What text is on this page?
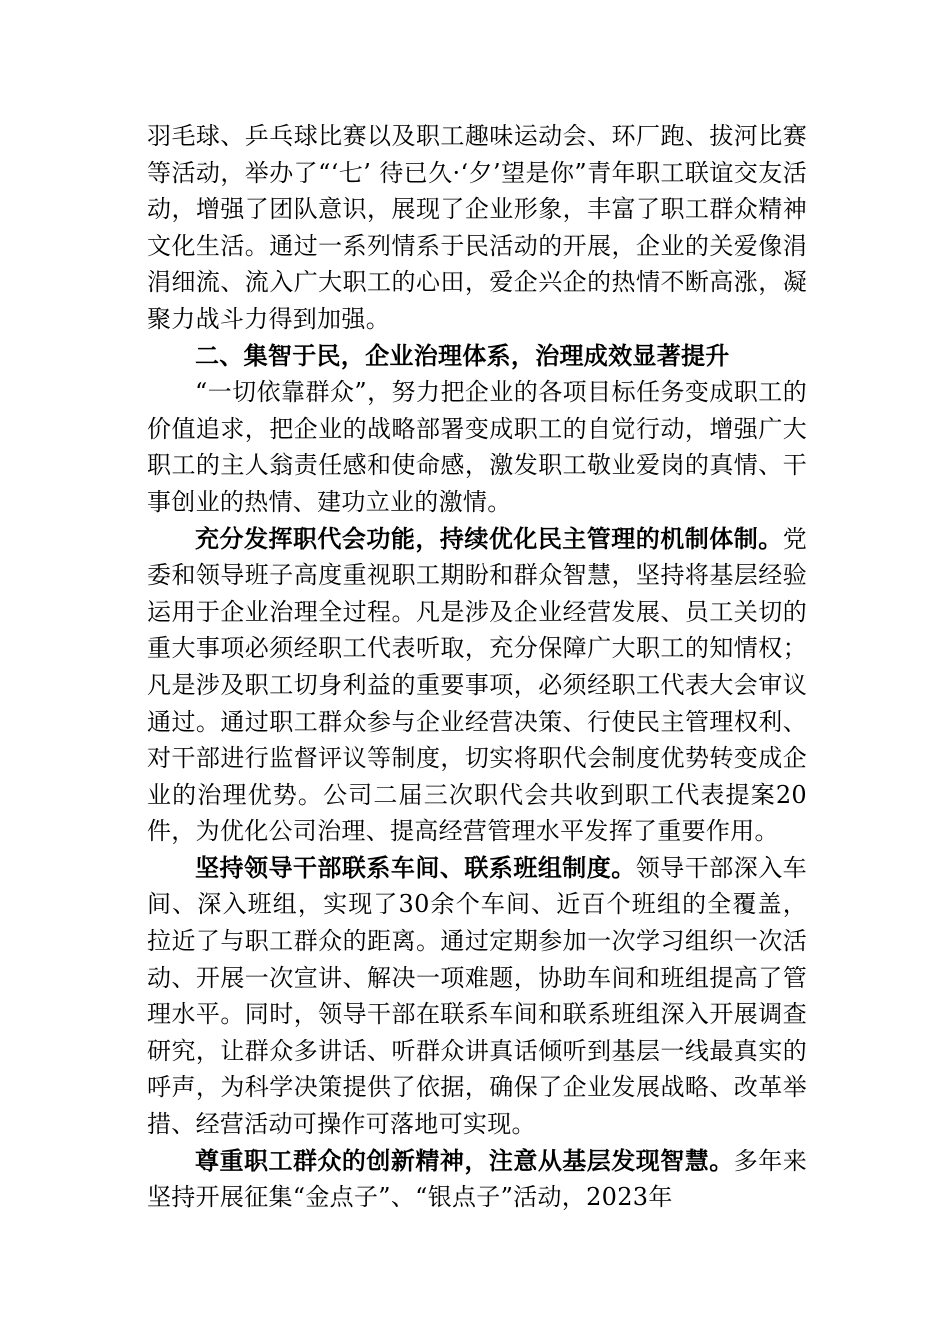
羽毛球、乒乓球比赛以及职工趣味运动会、环厂跑、拔河比赛等活动，举办了“‘七’ 待已久·‘夕’望是你”青年职工联谊交友活动，增强了团队意识，展现了企业形象，丰富了职工群众精神文化生活。通过一系列情系于民活动的开展，企业的关爱像涓涓细流、流入广大职工的心田，爱企兴企的热情不断高涨，凝聚力战斗力得到加强。

二、集智于民，企业治理体系，治理成效显著提升

“一切依靠群众”，努力把企业的各项目标任务变成职工的价值追求，把企业的战略部署变成职工的自觉行动，增强广大职工的主人翁责任感和使命感，激发职工敬业爱岗的真情、干事创业的热情、建功立业的激情。

充分发挥职代会功能，持续优化民主管理的机制体制。党委和领导班子高度重视职工期盼和群众智慧，坚持将基层经验运用于企业治理全过程。凡是涉及企业经营发展、员工关切的重大事项必须经职工代表听取，充分保障广大职工的知情权；凡是涉及职工切身利益的重要事项，必须经职工代表大会审议通过。通过职工群众参与企业经营决策、行使民主管理权利、对干部进行监督评议等制度，切实将职代会制度优势转变成企业的治理优势。公司二届三次职代会共收到职工代表提案20件，为优化公司治理、提高经营管理水平发挥了重要作用。

坚持领导干部联系车间、联系班组制度。领导干部深入车间、深入班组，实现了30余个车间、近百个班组的全覆盖，拉近了与职工群众的距离。通过定期参加一次学习组织一次活动、开展一次宣讲、解决一项难题，协助车间和班组提高了管理水平。同时，领导干部在联系车间和联系班组深入开展调查研究，让群众多讲话、听群众讲真话倾听到基层一线最真实的呼声，为科学决策提供了依据，确保了企业发展战略、改革举措、经营活动可操作可落地可实现。

尊重职工群众的创新精神，注意从基层发现智慧。多年来坚持开展征集“金点子”、“银点子”活动，2023年
